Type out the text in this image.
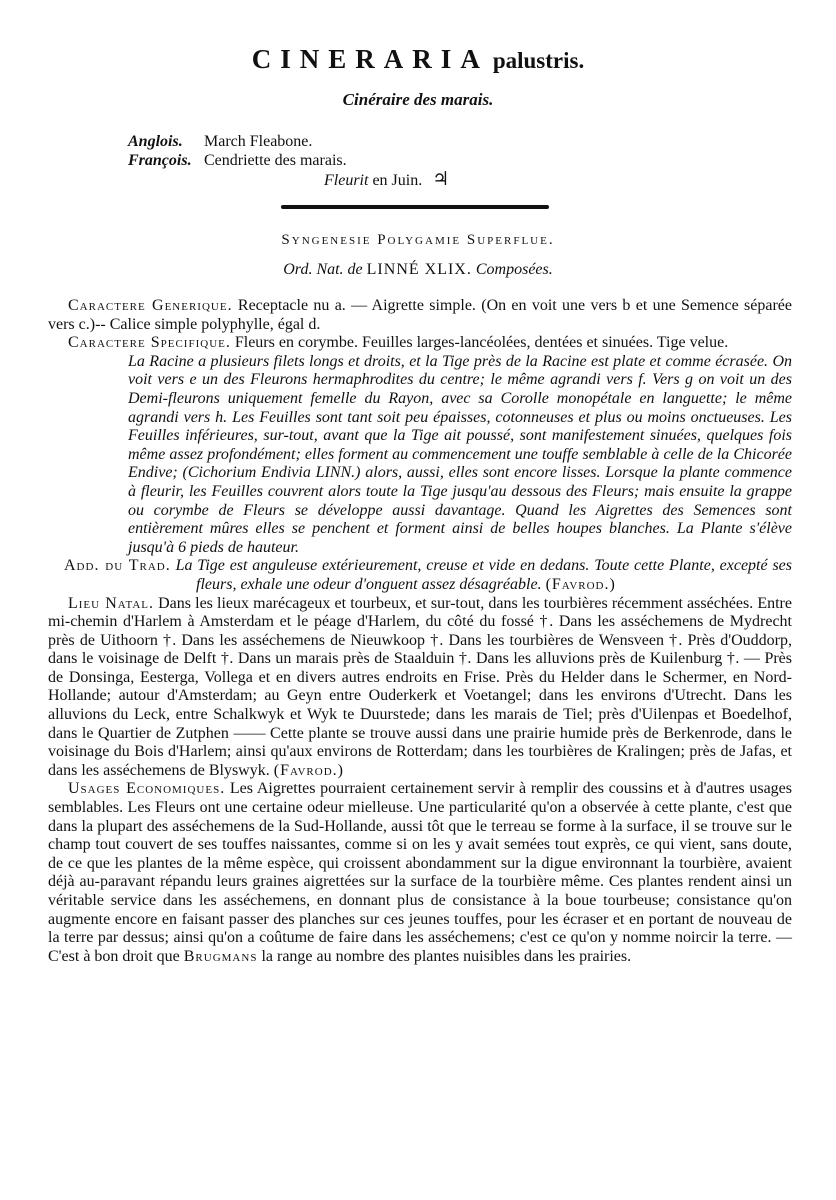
CINERARIA palustris.
Cinéraire des marais.
Anglois. March Fleabone.
François. Cendriette des marais.
Fleurit en Juin. ♃
Syngenesie Polygamie Superflue.
Ord. Nat. de LINNÉ XLIX. Composées.

Caractere Generique. Receptacle nu a. — Aigrette simple. (On en voit une vers b et une Semence séparée vers c.)-- Calice simple polyphylle, égal d.

Caractere Specifique. Fleurs en corymbe. Feuilles larges-lancéolées, dentées et sinuées. Tige velue.

La Racine a plusieurs filets longs et droits, et la Tige près de la Racine est plate et comme écrasée. On voit vers e un des Fleurons hermaphrodites du centre; le même agrandi vers f. Vers g on voit un des Demi-fleurons uniquement femelle du Rayon, avec sa Corolle monopétale en languette; le même agrandi vers h. Les Feuilles sont tant soit peu épaisses, cotonneuses et plus ou moins onctueuses. Les Feuilles inférieures, sur-tout, avant que la Tige ait poussé, sont manifestement sinuées, quelques fois même assez profondément; elles forment au commencement une touffe semblable à celle de la Chicorée Endive; (Cichorium Endivia LINN.) alors, aussi, elles sont encore lisses. Lorsque la plante commence à fleurir, les Feuilles couvrent alors toute la Tige jusqu'au dessous des Fleurs; mais ensuite la grappe ou corymbe de Fleurs se développe aussi davantage. Quand les Aigrettes des Semences sont entièrement mûres elles se penchent et forment ainsi de belles houpes blanches. La Plante s'élève jusqu'à 6 pieds de hauteur.

Add. du Trad. La Tige est anguleuse extérieurement, creuse et vide en dedans. Toute cette Plante, excepté ses fleurs, exhale une odeur d'onguent assez désagréable. (Favrod.)

Lieu Natal. Dans les lieux marécageux et tourbeux, et sur-tout, dans les tourbières récemment asséchées. Entre mi-chemin d'Harlem à Amsterdam et le péage d'Harlem, du côté du fossé †. Dans les asséchemens de Mydrecht près de Uithoorn †. Dans les asséchemens de Nieuwkoop †. Dans les tourbières de Wensveen †. Près d'Ouddorp, dans le voisinage de Delft †. Dans un marais près de Staalduin †. Dans les alluvions près de Kuilenburg †. — Près de Donsinga, Eesterga, Vollega et en divers autres endroits en Frise. Près du Helder dans le Schermer, en Nord-Hollande; autour d'Amsterdam; au Geyn entre Ouderkerk et Voetangel; dans les environs d'Utrecht. Dans les alluvions du Leck, entre Schalkwyk et Wyk te Duurstede; dans les marais de Tiel; près d'Uilenpas et Boedelhof, dans le Quartier de Zutphen —— Cette plante se trouve aussi dans une prairie humide près de Berkenrode, dans le voisinage du Bois d'Harlem; ainsi qu'aux environs de Rotterdam; dans les tourbières de Kralingen; près de Jafas, et dans les asséchemens de Blyswyk. (Favrod.)

Usages Economiques. Les Aigrettes pourraient certainement servir à remplir des coussins et à d'autres usages semblables. Les Fleurs ont une certaine odeur mielleuse. Une particularité qu'on a observée à cette plante, c'est que dans la plupart des asséchemens de la Sud-Hollande, aussi tôt que le terreau se forme à la surface, il se trouve sur le champ tout couvert de ses touffes naissantes, comme si on les y avait semées tout exprès, ce qui vient, sans doute, de ce que les plantes de la même espèce, qui croissent abondamment sur la digue environnant la tourbière, avaient déjà au-paravant répandu leurs graines aigrettées sur la surface de la tourbière même. Ces plantes rendent ainsi un véritable service dans les asséchemens, en donnant plus de consistance à la boue tourbeuse; consistance qu'on augmente encore en faisant passer des planches sur ces jeunes touffes, pour les écraser et en portant de nouveau de la terre par dessus; ainsi qu'on a coûtume de faire dans les asséchemens; c'est ce qu'on y nomme noircir la terre. — C'est à bon droit que Brugmans la range au nombre des plantes nuisibles dans les prairies.
